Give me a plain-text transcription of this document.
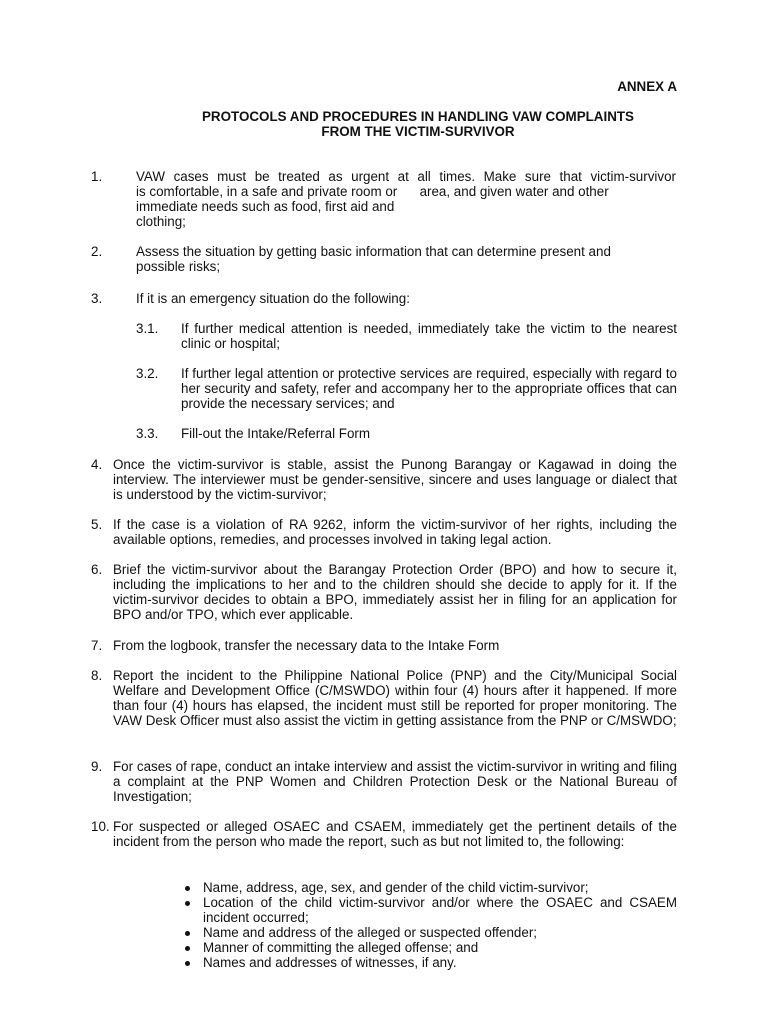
ANNEX A
PROTOCOLS AND PROCEDURES IN HANDLING VAW COMPLAINTS
FROM THE VICTIM-SURVIVOR
1.	VAW cases must be treated as urgent at all times. Make sure that victim-survivor
is comfortable, in a safe and private room or      area, and given water and other
immediate needs such as food, first aid and
clothing;
2.	Assess the situation by getting basic information that can determine present and possible risks;
3.	If it is an emergency situation do the following:
3.1. If further medical attention is needed, immediately take the victim to the nearest clinic or hospital;
3.2. If further legal attention or protective services are required, especially with regard to her security and safety, refer and accompany her to the appropriate offices that can provide the necessary services; and
3.3. Fill-out the Intake/Referral Form
4. Once the victim-survivor is stable, assist the Punong Barangay or Kagawad in doing the interview. The interviewer must be gender-sensitive, sincere and uses language or dialect that is understood by the victim-survivor;
5. If the case is a violation of RA 9262, inform the victim-survivor of her rights, including the available options, remedies, and processes involved in taking legal action.
6. Brief the victim-survivor about the Barangay Protection Order (BPO) and how to secure it, including the implications to her and to the children should she decide to apply for it. If the victim-survivor decides to obtain a BPO, immediately assist her in filing for an application for BPO and/or TPO, which ever applicable.
7. From the logbook, transfer the necessary data to the Intake Form
8. Report the incident to the Philippine National Police (PNP) and the City/Municipal Social Welfare and Development Office (C/MSWDO) within four (4) hours after it happened. If more than four (4) hours has elapsed, the incident must still be reported for proper monitoring. The VAW Desk Officer must also assist the victim in getting assistance from the PNP or C/MSWDO;
9. For cases of rape, conduct an intake interview and assist the victim-survivor in writing and filing a complaint at the PNP Women and Children Protection Desk or the National Bureau of Investigation;
10. For suspected or alleged OSAEC and CSAEM, immediately get the pertinent details of the incident from the person who made the report, such as but not limited to, the following:
Name, address, age, sex, and gender of the child victim-survivor;
Location of the child victim-survivor and/or where the OSAEC and CSAEM incident occurred;
Name and address of the alleged or suspected offender;
Manner of committing the alleged offense; and
Names and addresses of witnesses, if any.
